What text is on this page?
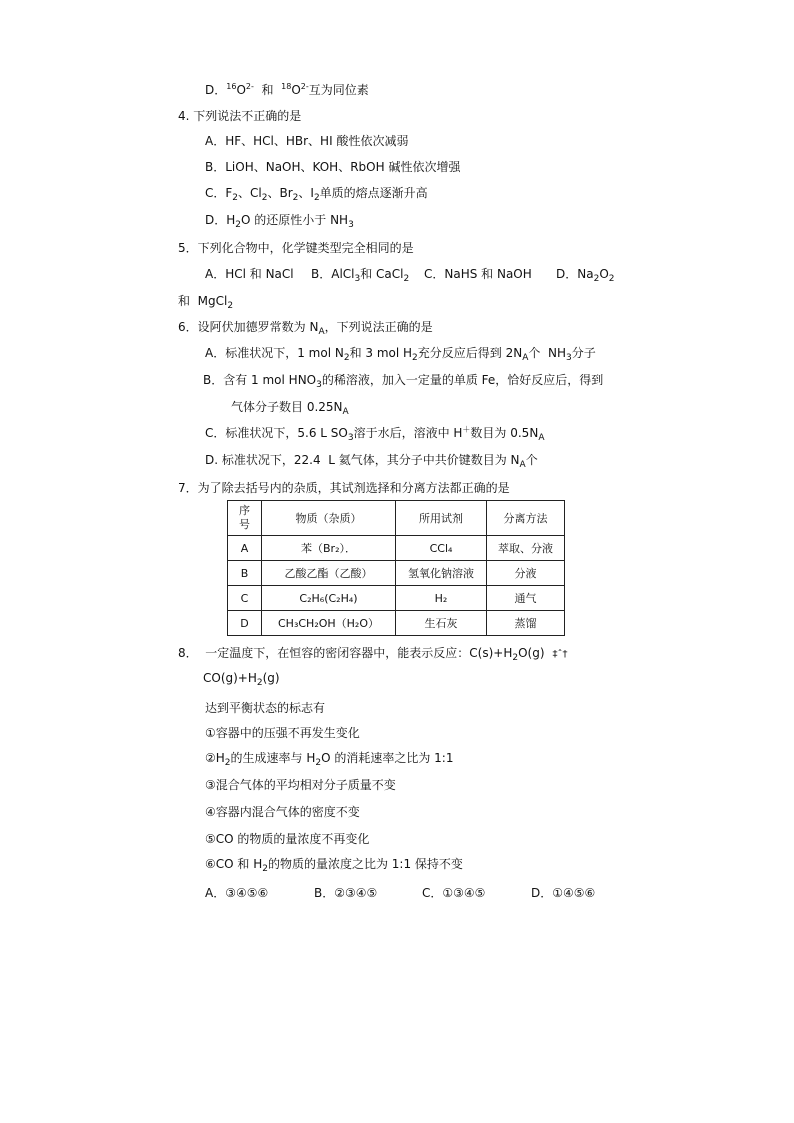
D．$^{16}O^{2-}$  和  $^{18}O^{2-}$互为同位素
4. 下列说法不正确的是
A．HF、HCl、HBr、HI 酸性依次减弱
B．LiOH、NaOH、KOH、RbOH 碱性依次增强
C．$F_2$、$Cl_2$、$Br_2$、$I_2$单质的熔点逐渐升高
D．$H_2O$ 的还原性小于 $NH_3$
5．下列化合物中，化学键类型完全相同的是
A．HCl 和 NaCl B．AlCl$_3$和 CaCl$_2$ C．NaHS 和 NaOH D．$Na_2O_2$
和  MgCl$_2$
6．设阿伏加德罗常数为 $N_A$，下列说法正确的是
A．标准状况下，1 mol $N_2$和 3 mol $H_2$充分反应后得到 $2N_A$个  $NH_3$分子
B．含有 1 mol $HNO_3$的稀溶液，加入一定量的单质 Fe，恰好反应后，得到
气体分子数目 $0.25N_A$
C．标准状况下，5.6 L $SO_3$溶于水后，溶液中 H＋数目为 $0.5N_A$
D. 标准状况下，22.4  L 氦气体，其分子中共价键数目为 $N_A$个
7．为了除去括号内的杂质，其试剂选择和分离方法都正确的是
序号	物质（杂质）	所用试剂	分离方法
A	苯（Br₂）．	CCl₄	萃取、分液
B	乙酸乙酯（乙酸）	氢氧化钠溶液	分液
C	C₂H₆(C₂H₄)	H₂	通气
D	CH₃CH₂OH（H₂O）	生石灰	蒸馏
8．  一定温度下，在恒容的密闭容器中，能表示反应：$C(s)+H_2O(g)$ ‡ˆ†
$CO(g)+H_2(g)$
达到平衡状态的标志有
①容器中的压强不再发生变化
$②H_2$的生成速率与 $H_2O$ 的消耗速率之比为 1:1
③混合气体的平均相对分子质量不变
④容器内混合气体的密度不变
⑤CO 的物质的量浓度不再变化
⑥CO 和 $H_2$的物质的量浓度之比为 1:1 保持不变
A．③④⑤⑥	B．②③④⑤	C．①③④⑤	D．①④⑤⑥
